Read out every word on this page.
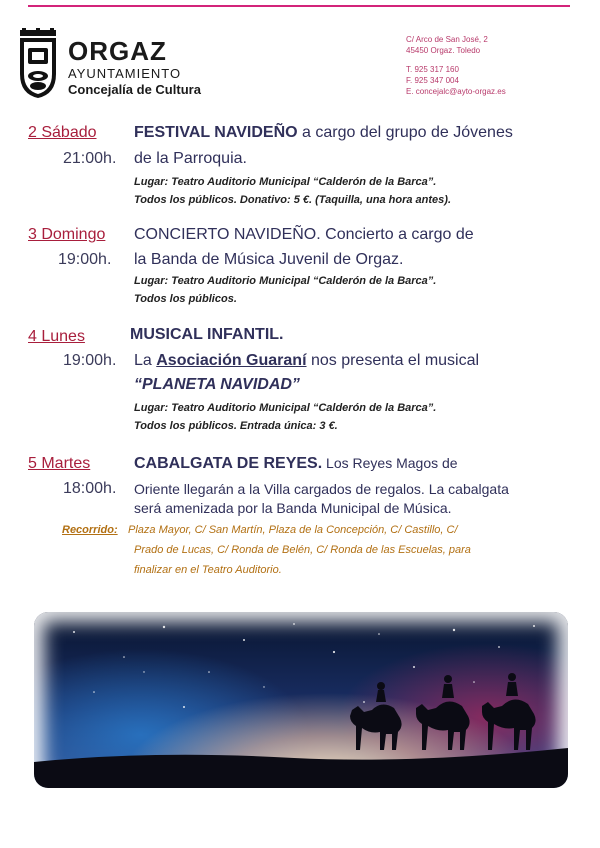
ORGAZ
AYUNTAMIENTO
Concejalía de Cultura
C/ Arco de San José, 2
45450 Orgaz. Toledo
T. 925 317 160
F. 925 347 004
E. concejalc@ayto-orgaz.es
2 Sábado FESTIVAL NAVIDEÑO a cargo del grupo de Jóvenes
21:00h. de la Parroquia.
Lugar: Teatro Auditorio Municipal “Calderón de la Barca”.
Todos los públicos. Donativo: 5 €. (Taquilla, una hora antes).
3 Domingo CONCIERTO NAVIDEÑO. Concierto a cargo de
19:00h. la Banda de Música Juvenil de Orgaz.
Lugar: Teatro Auditorio Municipal “Calderón de la Barca”.
Todos los públicos.
4 Lunes	MUSICAL INFANTIL.
19:00h. La Asociación Guaraní nos presenta el musical
“PLANETA NAVIDAD”
Lugar: Teatro Auditorio Municipal “Calderón de la Barca”.
Todos los públicos. Entrada única: 3 €.
5 Martes	CABALGATA DE REYES. Los Reyes Magos de
18:00h. Oriente llegarán a la Villa cargados de regalos. La cabalgata
será amenizada por la Banda Municipal de Música.
Recorrido: Plaza Mayor, C/ San Martín, Plaza de la Concepción, C/ Castillo, C/
Prado de Lucas, C/ Ronda de Belén, C/ Ronda de las Escuelas, para
finalizar en el Teatro Auditorio.
